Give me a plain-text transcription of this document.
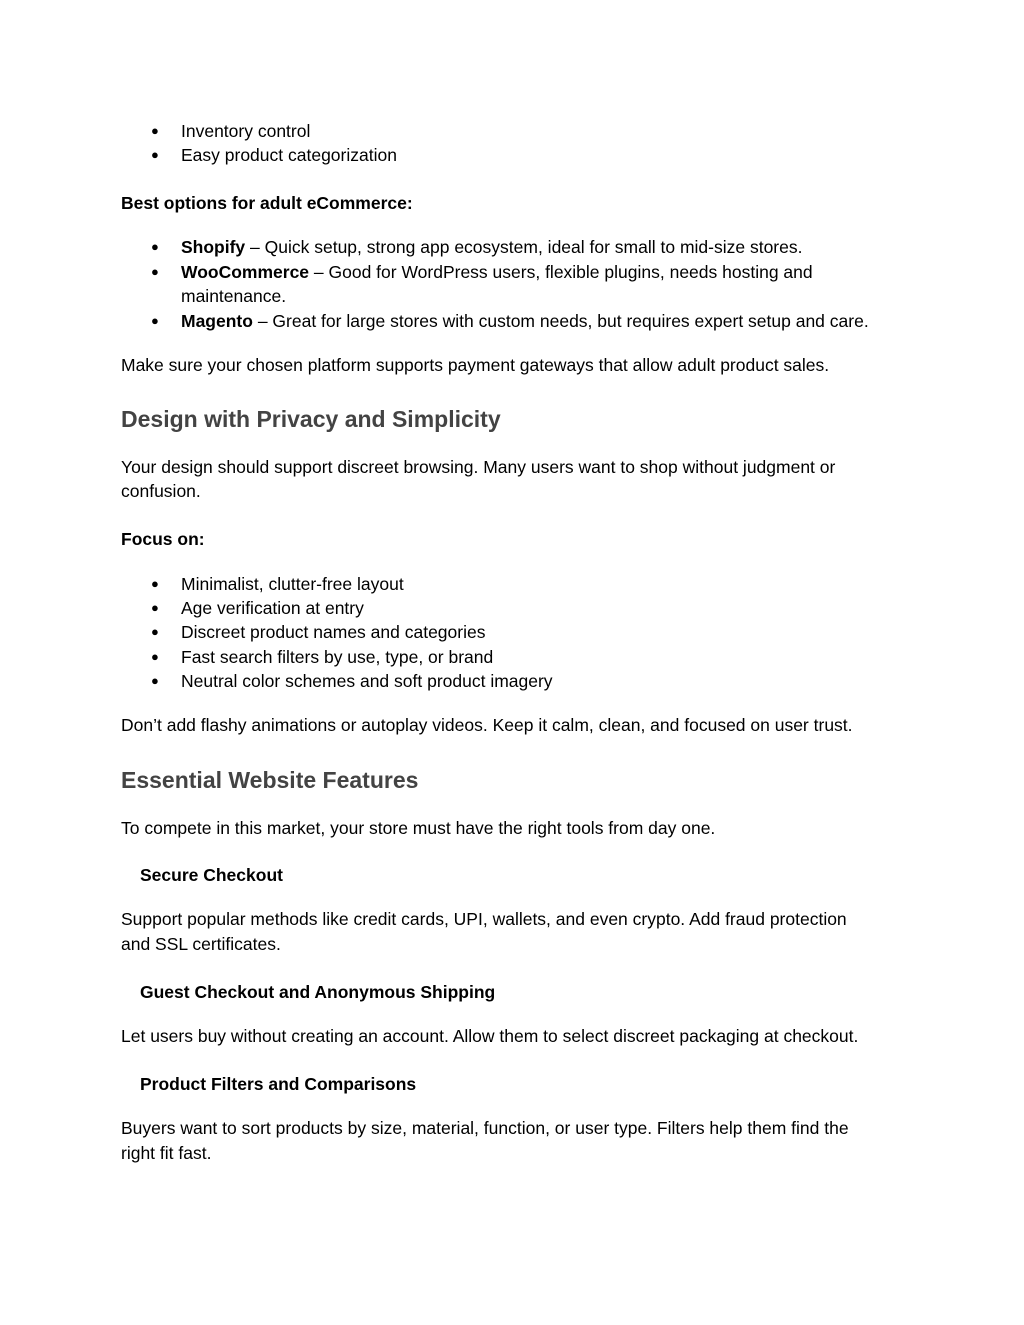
● Inventory control
● Easy product categorization
Best options for adult eCommerce:
● Shopify – Quick setup, strong app ecosystem, ideal for small to mid-size stores.
● WooCommerce – Good for WordPress users, flexible plugins, needs hosting and
maintenance.
● Magento – Great for large stores with custom needs, but requires expert setup and care.
Make sure your chosen platform supports payment gateways that allow adult product sales.
Design with Privacy and Simplicity
Your design should support discreet browsing. Many users want to shop without judgment or
confusion.
Focus on:
● Minimalist, clutter-free layout
● Age verification at entry
● Discreet product names and categories
● Fast search filters by use, type, or brand
● Neutral color schemes and soft product imagery
Don’t add flashy animations or autoplay videos. Keep it calm, clean, and focused on user trust.
Essential Website Features
To compete in this market, your store must have the right tools from day one.
Secure Checkout
Support popular methods like credit cards, UPI, wallets, and even crypto. Add fraud protection
and SSL certificates.
Guest Checkout and Anonymous Shipping
Let users buy without creating an account. Allow them to select discreet packaging at checkout.
Product Filters and Comparisons
Buyers want to sort products by size, material, function, or user type. Filters help them find the
right fit fast.
